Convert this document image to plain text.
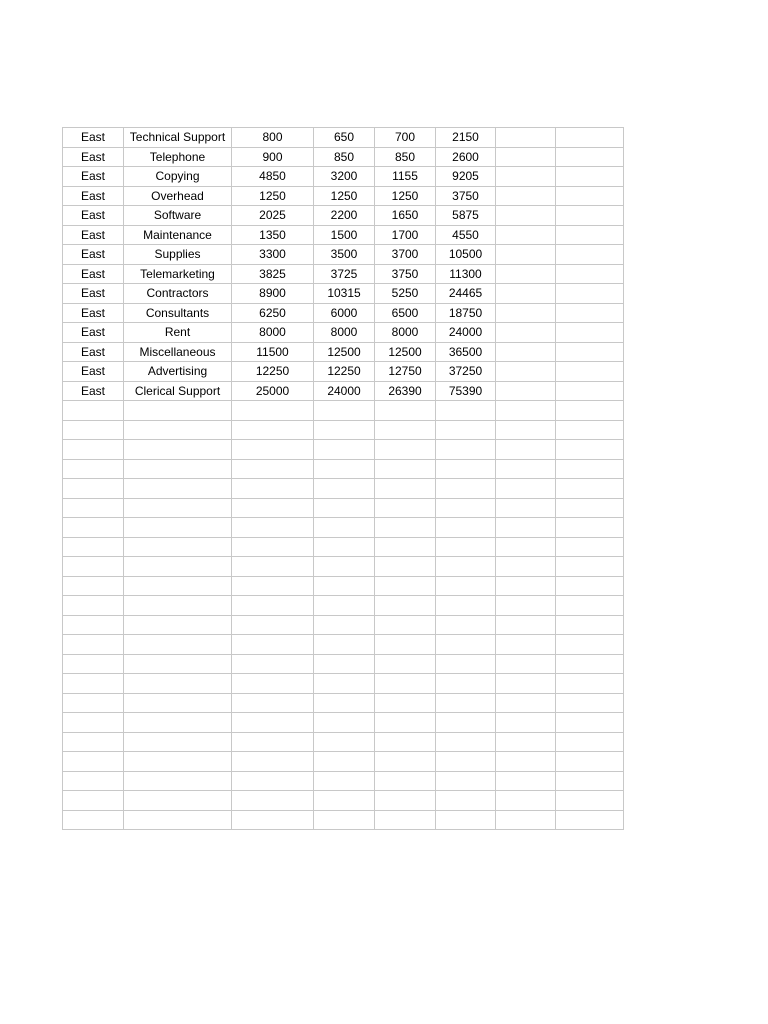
East	Technical Support	800	650	700	2150		
East	Telephone	900	850	850	2600		
East	Copying	4850	3200	1155	9205		
East	Overhead	1250	1250	1250	3750		
East	Software	2025	2200	1650	5875		
East	Maintenance	1350	1500	1700	4550		
East	Supplies	3300	3500	3700	10500		
East	Telemarketing	3825	3725	3750	11300		
East	Contractors	8900	10315	5250	24465		
East	Consultants	6250	6000	6500	18750		
East	Rent	8000	8000	8000	24000		
East	Miscellaneous	11500	12500	12500	36500		
East	Advertising	12250	12250	12750	37250		
East	Clerical Support	25000	24000	26390	75390		
